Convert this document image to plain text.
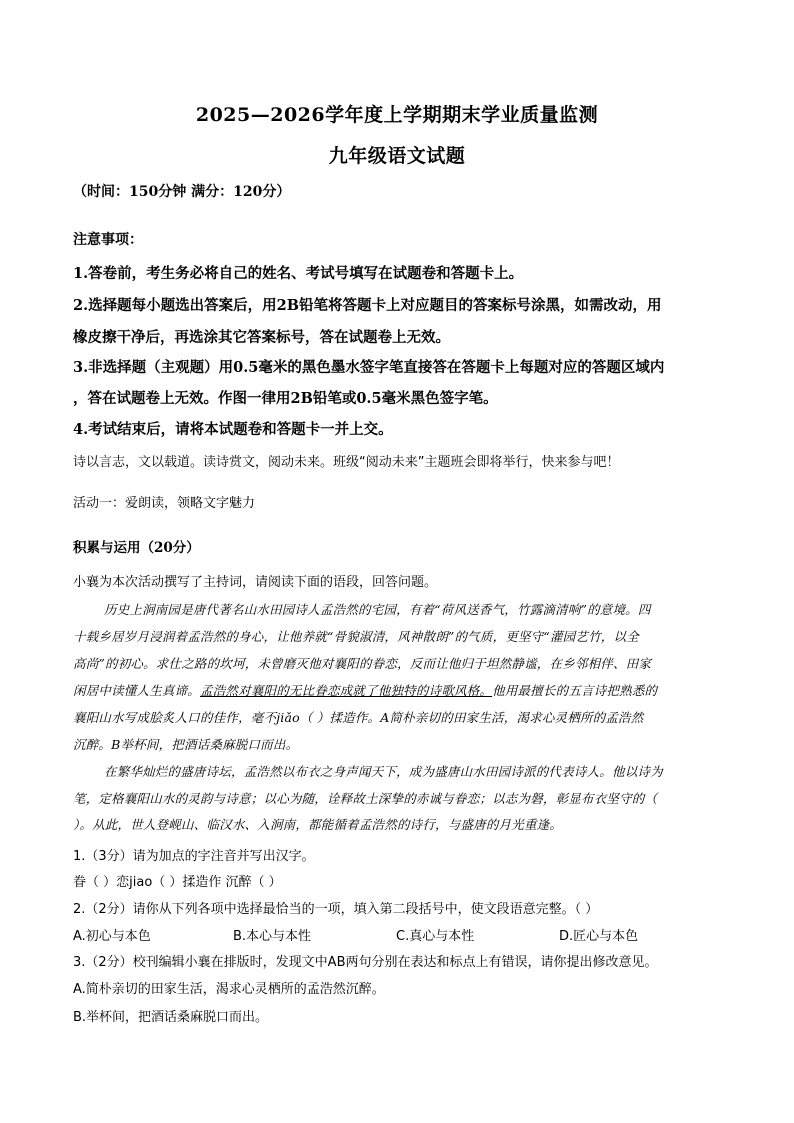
2025—2026学年度上学期期末学业质量监测
九年级语文试题
（时间：150分钟 满分：120分）
注意事项：
1.答卷前，考生务必将自己的姓名、考试号填写在试题卷和答题卡上。
2.选择题每小题选出答案后，用2B铅笔将答题卡上对应题目的答案标号涂黑，如需改动，用
橡皮擦干净后，再选涂其它答案标号，答在试题卷上无效。
3.非选择题（主观题）用0.5毫米的黑色墨水签字笔直接答在答题卡上每题对应的答题区域内
，答在试题卷上无效。作图一律用2B铅笔或0.5毫米黑色签字笔。
4.考试结束后，请将本试题卷和答题卡一并上交。
诗以言志，文以载道。读诗赏文，阅动未来。班级“阅动未来”主题班会即将举行，快来参与吧！
活动一：爱朗读，领略文字魅力
积累与运用（20分）
小襄为本次活动撰写了主持词，请阅读下面的语段，回答问题。
历史上涧南园是唐代著名山水田园诗人孟浩然的宅园，有着“荷风送香气，竹露滴清响”的意境。四
十载乡居岁月浸润着孟浩然的身心，让他养就“骨貌淑清，风神散朗”的气质，更坚守“灌园艺竹，以全
高尚”的初心。求仕之路的坎坷，未曾磨灭他对襄阳的眷恋，反而让他归于坦然静谧，在乡邻相伴、田家
闲居中读懂人生真谛。孟浩然对襄阳的无比眷恋成就了他独特的诗歌风格。他用最擅长的五言诗把熟悉的
襄阳山水写成脍炙人口的佳作，毫不jiǎo（ ）揉造作。A简朴亲切的田家生活，渴求心灵栖所的孟浩然
沉醉。B举杯间，把酒话桑麻脱口而出。
在繁华灿烂的盛唐诗坛，孟浩然以布衣之身声闻天下，成为盛唐山水田园诗派的代表诗人。他以诗为
笔，定格襄阳山水的灵韵与诗意；以心为随，诠释故土深挚的赤诚与眷恋；以志为磐，彰显布衣坚守的（
）。从此，世人登岘山、临汉水、入涧南，都能循着孟浩然的诗行，与盛唐的月光重逢。
1.（3分）请为加点的字注音并写出汉字。
眷（ ）恋jiao（ ）揉造作 沉醉（ ）
2.（2分）请你从下列各项中选择最恰当的一项，填入第二段括号中，使文段语意完整。（ ）
A.初心与本色	B.本心与本性	C.真心与本性	D.匠心与本色
3.（2分）校刊编辑小襄在排版时，发现文中AB两句分别在表达和标点上有错误，请你提出修改意见。
A.简朴亲切的田家生活，渴求心灵栖所的孟浩然沉醉。
B.举杯间，把酒话桑麻脱口而出。
